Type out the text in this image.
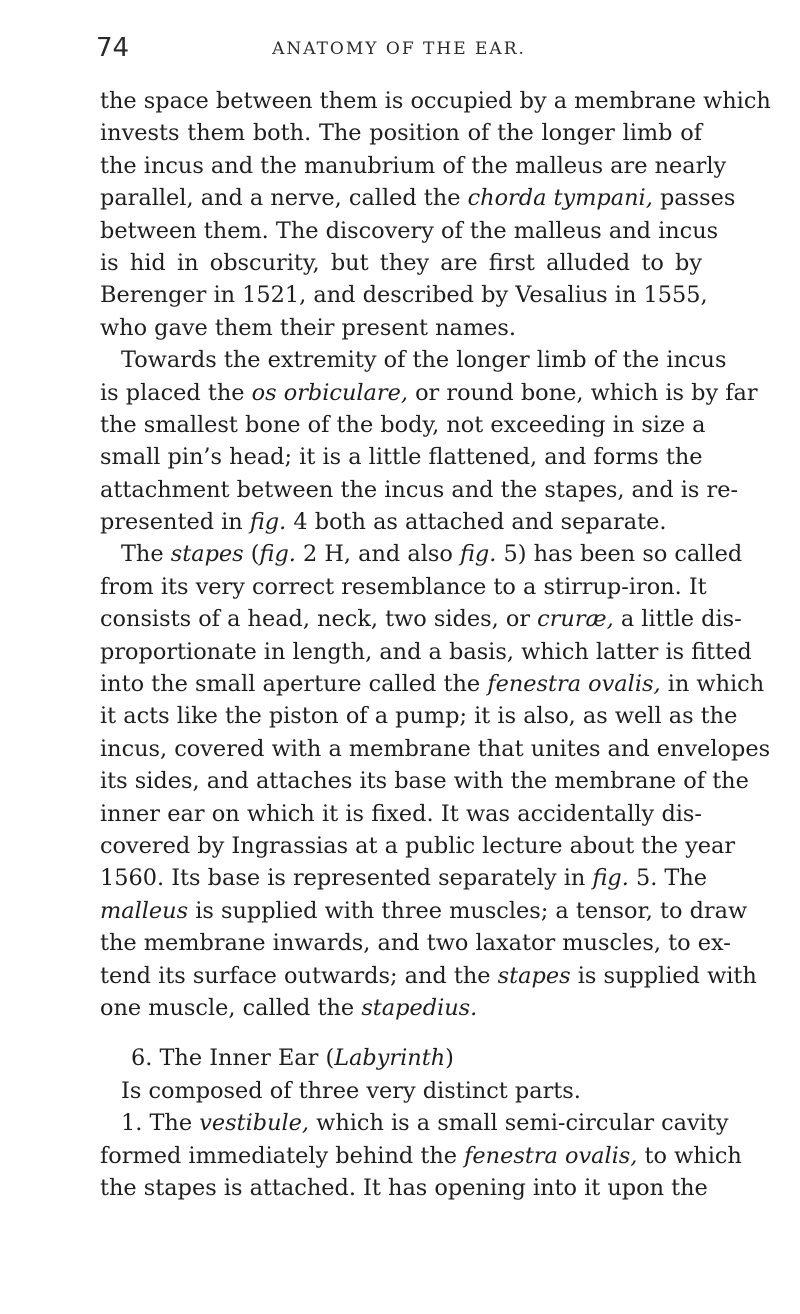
74	ANATOMY OF THE EAR.
the space between them is occupied by a membrane which
invests them both. The position of the longer limb of
the incus and the manubrium of the malleus are nearly
parallel, and a nerve, called the chorda tympani, passes
between them. The discovery of the malleus and incus
is hid in obscurity, but they are first alluded to by
Berenger in 1521, and described by Vesalius in 1555,
who gave them their present names.
Towards the extremity of the longer limb of the incus
is placed the os orbiculare, or round bone, which is by far
the smallest bone of the body, not exceeding in size a
small pin’s head; it is a little flattened, and forms the
attachment between the incus and the stapes, and is re-
presented in fig. 4 both as attached and separate.
The stapes (fig. 2 H, and also fig. 5) has been so called
from its very correct resemblance to a stirrup-iron. It
consists of a head, neck, two sides, or cruræ, a little dis-
proportionate in length, and a basis, which latter is fitted
into the small aperture called the fenestra ovalis, in which
it acts like the piston of a pump; it is also, as well as the
incus, covered with a membrane that unites and envelopes
its sides, and attaches its base with the membrane of the
inner ear on which it is fixed. It was accidentally dis-
covered by Ingrassias at a public lecture about the year
1560. Its base is represented separately in fig. 5. The
malleus is supplied with three muscles; a tensor, to draw
the membrane inwards, and two laxator muscles, to ex-
tend its surface outwards; and the stapes is supplied with
one muscle, called the stapedius.
6. The Inner Ear (Labyrinth)
Is composed of three very distinct parts.
1. The vestibule, which is a small semi-circular cavity
formed immediately behind the fenestra ovalis, to which
the stapes is attached. It has opening into it upon the
